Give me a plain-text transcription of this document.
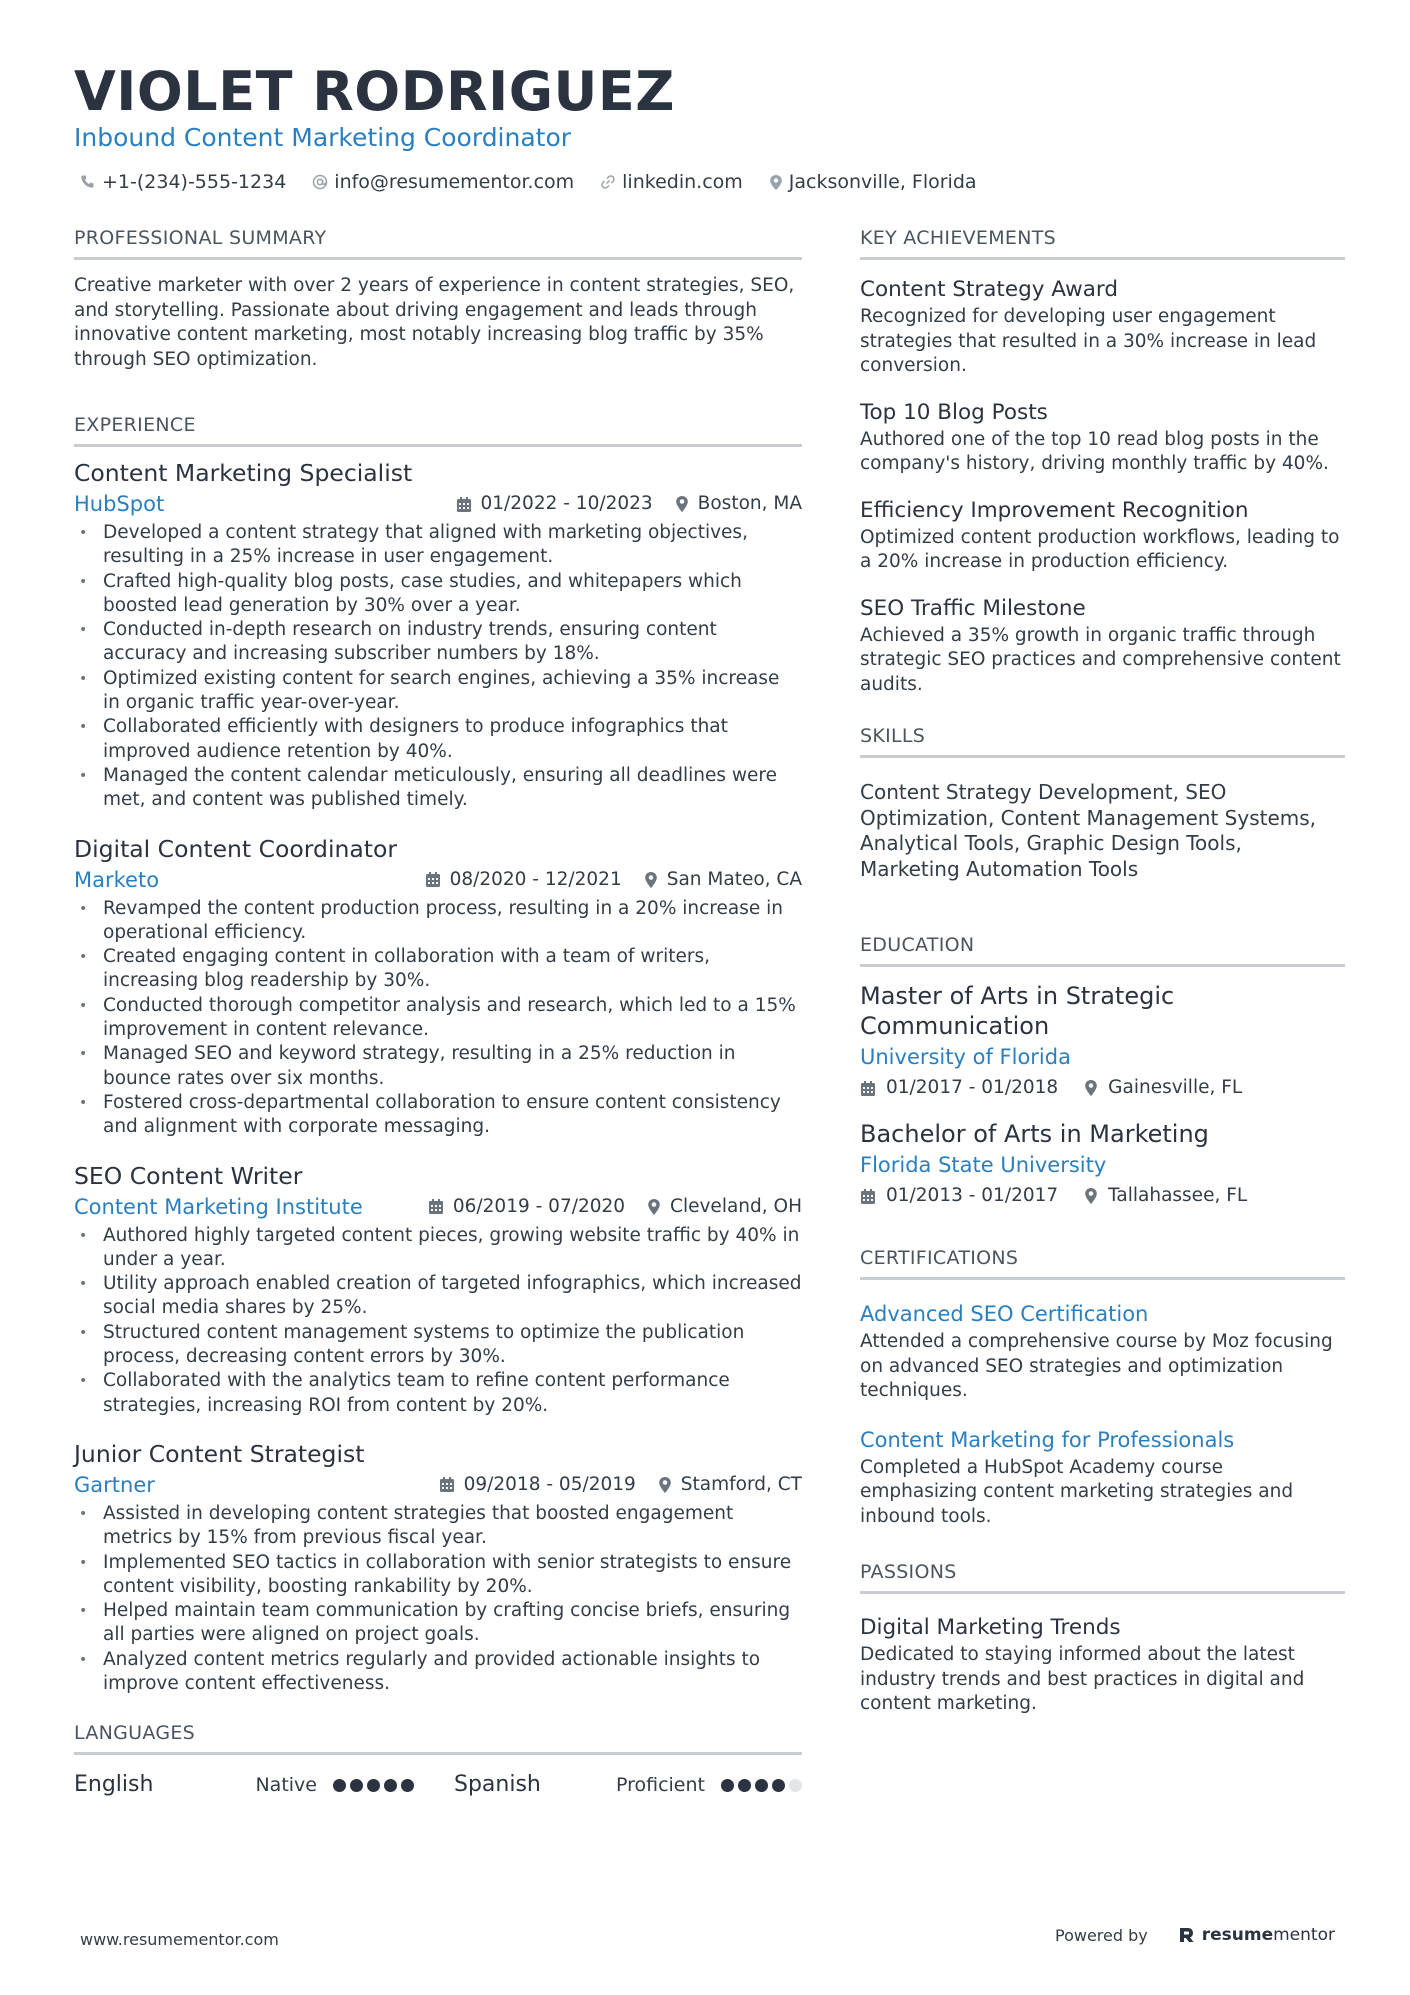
VIOLET RODRIGUEZ
Inbound Content Marketing Coordinator
+1-(234)-555-1234	info@resumementor.com	linkedin.com Jacksonville, Florida
PROFESSIONAL SUMMARY
Creative marketer with over 2 years of experience in content strategies, SEO, and storytelling. Passionate about driving engagement and leads through innovative content marketing, most notably increasing blog traffic by 35% through SEO optimization.
EXPERIENCE
Content Marketing Specialist
HubSpot	01/2022 - 10/2023 Boston, MA
• Developed a content strategy that aligned with marketing objectives, resulting in a 25% increase in user engagement.
• Crafted high-quality blog posts, case studies, and whitepapers which boosted lead generation by 30% over a year.
• Conducted in-depth research on industry trends, ensuring content accuracy and increasing subscriber numbers by 18%.
• Optimized existing content for search engines, achieving a 35% increase in organic traffic year-over-year.
• Collaborated efficiently with designers to produce infographics that improved audience retention by 40%.
• Managed the content calendar meticulously, ensuring all deadlines were met, and content was published timely.
Digital Content Coordinator
Marketo	08/2020 - 12/2021 San Mateo, CA
• Revamped the content production process, resulting in a 20% increase in operational efficiency.
• Created engaging content in collaboration with a team of writers, increasing blog readership by 30%.
• Conducted thorough competitor analysis and research, which led to a 15% improvement in content relevance.
• Managed SEO and keyword strategy, resulting in a 25% reduction in bounce rates over six months.
• Fostered cross-departmental collaboration to ensure content consistency and alignment with corporate messaging.
SEO Content Writer
Content Marketing Institute	06/2019 - 07/2020 Cleveland, OH
• Authored highly targeted content pieces, growing website traffic by 40% in under a year.
• Utility approach enabled creation of targeted infographics, which increased social media shares by 25%.
• Structured content management systems to optimize the publication process, decreasing content errors by 30%.
• Collaborated with the analytics team to refine content performance strategies, increasing ROI from content by 20%.
Junior Content Strategist
Gartner	09/2018 - 05/2019 Stamford, CT
• Assisted in developing content strategies that boosted engagement metrics by 15% from previous fiscal year.
• Implemented SEO tactics in collaboration with senior strategists to ensure content visibility, boosting rankability by 20%.
• Helped maintain team communication by crafting concise briefs, ensuring all parties were aligned on project goals.
• Analyzed content metrics regularly and provided actionable insights to improve content effectiveness.
LANGUAGES
English	Native	Spanish	Proficient
KEY ACHIEVEMENTS
Content Strategy Award
Recognized for developing user engagement strategies that resulted in a 30% increase in lead conversion.
Top 10 Blog Posts
Authored one of the top 10 read blog posts in the company's history, driving monthly traffic by 40%.
Efficiency Improvement Recognition
Optimized content production workflows, leading to a 20% increase in production efficiency.
SEO Traffic Milestone
Achieved a 35% growth in organic traffic through strategic SEO practices and comprehensive content audits.
SKILLS
Content Strategy Development, SEO Optimization, Content Management Systems, Analytical Tools, Graphic Design Tools, Marketing Automation Tools
EDUCATION
Master of Arts in Strategic Communication
University of Florida
01/2017 - 01/2018	Gainesville, FL
Bachelor of Arts in Marketing
Florida State University
01/2013 - 01/2017	Tallahassee, FL
CERTIFICATIONS
Advanced SEO Certification
Attended a comprehensive course by Moz focusing on advanced SEO strategies and optimization techniques.
Content Marketing for Professionals
Completed a HubSpot Academy course emphasizing content marketing strategies and inbound tools.
PASSIONS
Digital Marketing Trends
Dedicated to staying informed about the latest industry trends and best practices in digital and content marketing.
www.resumementor.com	Powered by	resume mentor
